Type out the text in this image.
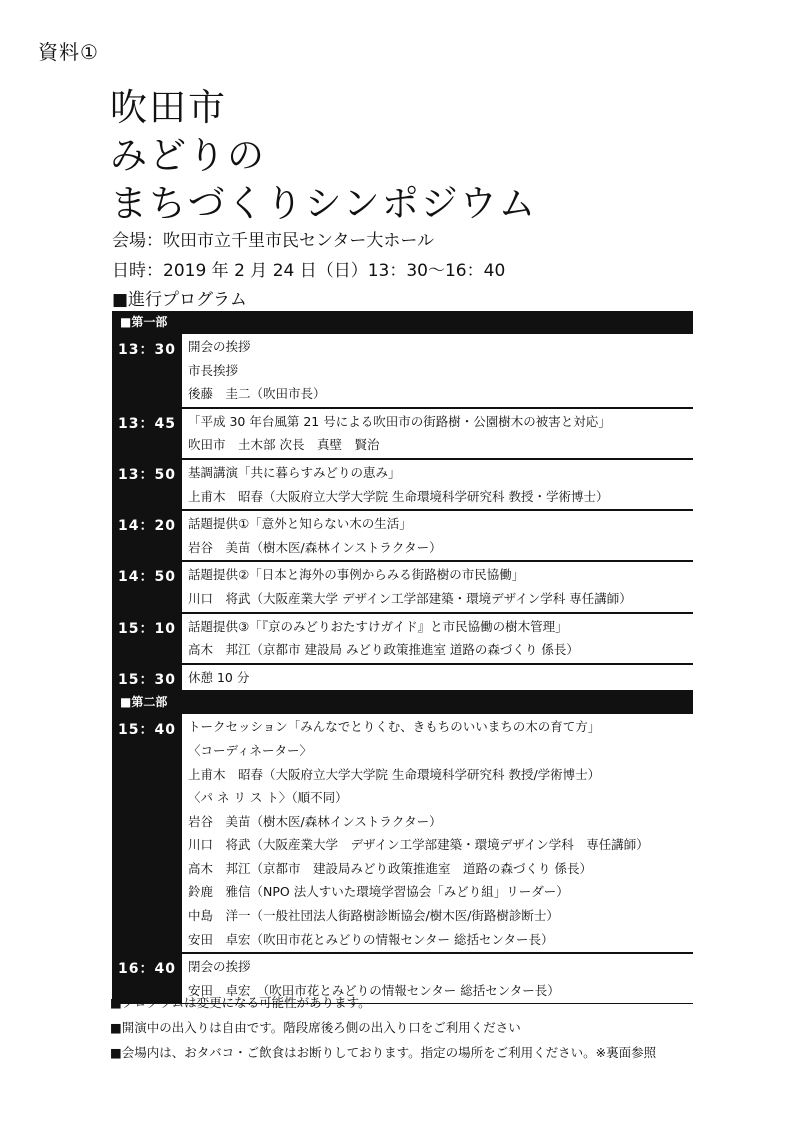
資料①
吹田市
みどりの
まちづくりシンポジウム
会場：吹田市立千里市民センター大ホール
日時：2019 年 2 月 24 日（日）13：30〜16：40
■進行プログラム
■第一部
13：30 開会の挨拶
市長挨拶
後藤　圭二（吹田市長）
13：45 「平成 30 年台風第 21 号による吹田市の街路樹・公園樹木の被害と対応」
吹田市　土木部 次長　真壁　賢治
13：50 基調講演「共に暮らすみどりの恵み」
上甫木　昭春（大阪府立大学大学院 生命環境科学研究科 教授・学術博士）
14：20 話題提供①「意外と知らない木の生活」
岩谷　美苗（樹木医/森林インストラクター）
14：50 話題提供②「日本と海外の事例からみる街路樹の市民協働」
川口　将武（大阪産業大学 デザイン工学部建築・環境デザイン学科 専任講師）
15：10 話題提供③「『京のみどりおたすけガイド』と市民協働の樹木管理」
高木　邦江（京都市 建設局 みどり政策推進室 道路の森づくり 係長）
15：30 休憩 10 分
■第二部
15：40 トークセッション「みんなでとりくむ、きもちのいいまちの木の育て方」
〈コーディネーター〉
上甫木　昭春（大阪府立大学大学院 生命環境科学研究科 教授/学術博士）
〈パ ネ リ ス ト〉（順不同）
岩谷　美苗（樹木医/森林インストラクター）
川口　将武（大阪産業大学　デザイン工学部建築・環境デザイン学科　専任講師）
高木　邦江（京都市　建設局みどり政策推進室　道路の森づくり 係長）
鈴鹿　雅信（NPO 法人すいた環境学習協会「みどり組」リーダー）
中島　洋一（一般社団法人街路樹診断協会/樹木医/街路樹診断士）
安田　卓宏（吹田市花とみどりの情報センター 総括センター長）
16：40 閉会の挨拶
安田　卓宏　（吹田市花とみどりの情報センター 総括センター長）
■プログラムは変更になる可能性があります。
■開演中の出入りは自由です。階段席後ろ側の出入り口をご利用ください
■会場内は、おタバコ・ご飲食はお断りしております。指定の場所をご利用ください。※裏面参照
